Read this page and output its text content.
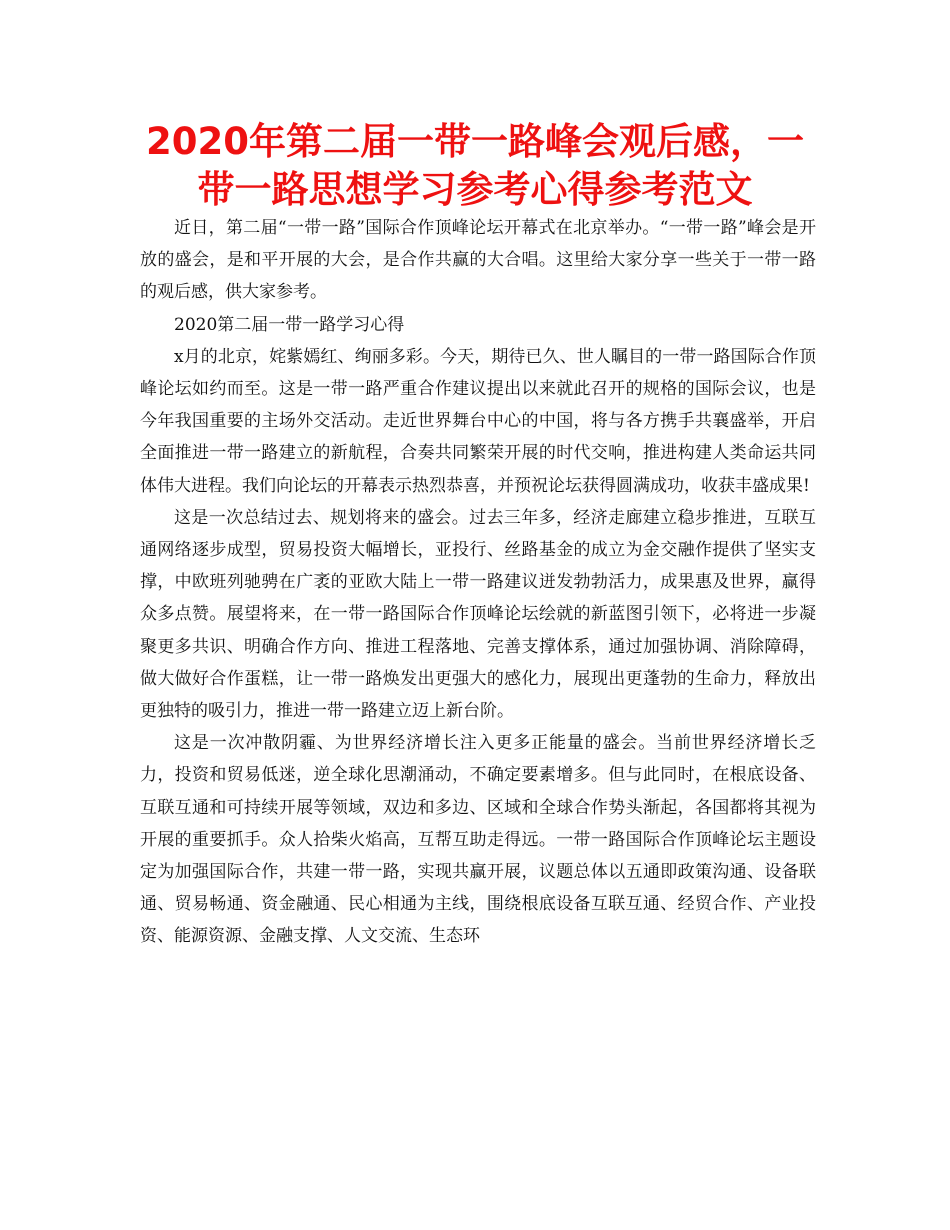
2020年第二届一带一路峰会观后感，一带一路思想学习参考心得参考范文

近日，第二届“一带一路”国际合作顶峰论坛开幕式在北京举办。“一带一路”峰会是开放的盛会，是和平开展的大会，是合作共赢的大合唱。这里给大家分享一些关于一带一路的观后感，供大家参考。

2020第二届一带一路学习心得

x月的北京，姹紫嫣红、绚丽多彩。今天，期待已久、世人瞩目的一带一路国际合作顶峰论坛如约而至。这是一带一路严重合作建议提出以来就此召开的规格的国际会议，也是今年我国重要的主场外交活动。走近世界舞台中心的中国，将与各方携手共襄盛举，开启全面推进一带一路建立的新航程，合奏共同繁荣开展的时代交响，推进构建人类命运共同体伟大进程。我们向论坛的开幕表示热烈恭喜，并预祝论坛获得圆满成功，收获丰盛成果!

这是一次总结过去、规划将来的盛会。过去三年多，经济走廊建立稳步推进，互联互通网络逐步成型，贸易投资大幅增长，亚投行、丝路基金的成立为金交融作提供了坚实支撑，中欧班列驰骋在广袤的亚欧大陆上一带一路建议迸发勃勃活力，成果惠及世界，赢得众多点赞。展望将来，在一带一路国际合作顶峰论坛绘就的新蓝图引领下，必将进一步凝聚更多共识、明确合作方向、推进工程落地、完善支撑体系，通过加强协调、消除障碍，做大做好合作蛋糕，让一带一路焕发出更强大的感化力，展现出更蓬勃的生命力，释放出更独特的吸引力，推进一带一路建立迈上新台阶。

这是一次冲散阴霾、为世界经济增长注入更多正能量的盛会。当前世界经济增长乏力，投资和贸易低迷，逆全球化思潮涌动，不确定要素增多。但与此同时，在根底设备、互联互通和可持续开展等领域，双边和多边、区域和全球合作势头渐起，各国都将其视为开展的重要抓手。众人拾柴火焰高，互帮互助走得远。一带一路国际合作顶峰论坛主题设定为加强国际合作，共建一带一路，实现共赢开展，议题总体以五通即政策沟通、设备联通、贸易畅通、资金融通、民心相通为主线，围绕根底设备互联互通、经贸合作、产业投资、能源资源、金融支撑、人文交流、生态环
